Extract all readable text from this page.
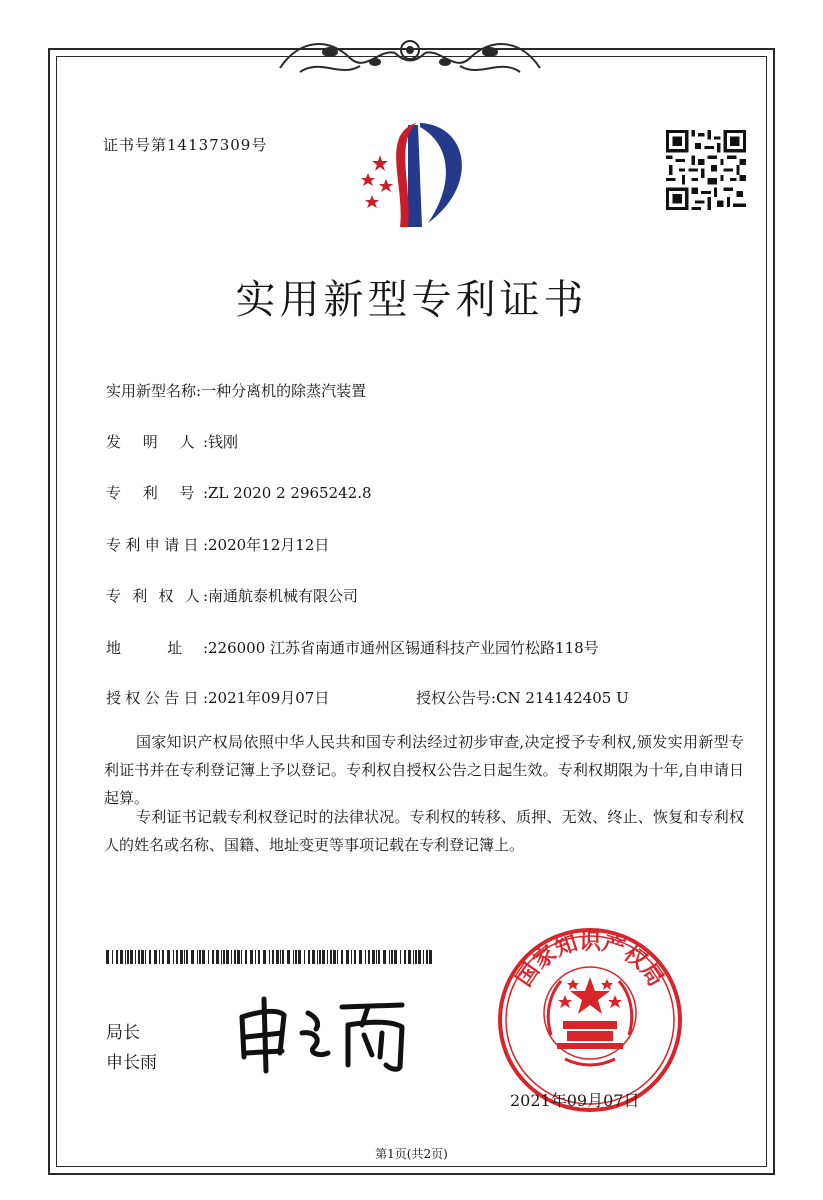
证书号第14137309号
实用新型专利证书
实用新型名称:一种分离机的除蒸汽装置
发 明 人:钱刚
专 利 号:ZL 2020 2 2965242.8
专利申请日:2020年12月12日
专 利 权 人:南通航泰机械有限公司
地 址:226000 江苏省南通市通州区锡通科技产业园竹松路118号
授权公告日:2021年09月07日	授权公告号:CN 214142405 U
国家知识产权局依照中华人民共和国专利法经过初步审查,决定授予专利权,颁发实用新型专利证书并在专利登记簿上予以登记。专利权自授权公告之日起生效。专利权期限为十年,自申请日起算。
专利证书记载专利权登记时的法律状况。专利权的转移、质押、无效、终止、恢复和专利权人的姓名或名称、国籍、地址变更等事项记载在专利登记簿上。
局长
申长雨
国家知识产权局
2021年09月07日
第1页(共2页)
